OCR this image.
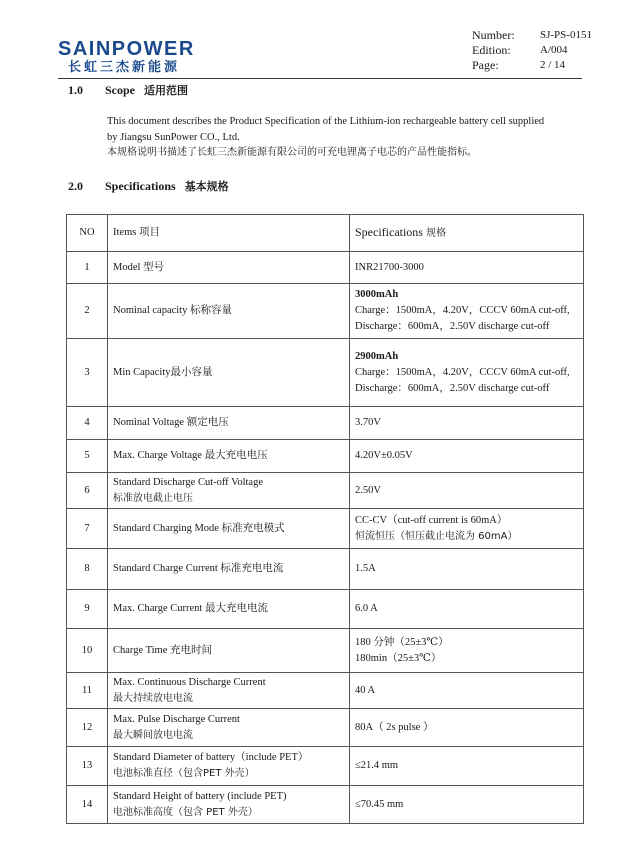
SAINPOWER
长虹三杰新能源
Number:	SJ-PS-0151
Edition:	A/004
Page:	2 / 14
1.0 Scope 适用范围
This document describes the Product Specification of the Lithium-ion rechargeable battery cell supplied
by Jiangsu SunPower CO., Ltd.
本规格说明书描述了长虹三杰新能源有限公司的可充电锂离子电芯的产品性能指标。
2.0 Specifications 基本规格
NO	Items 项目	Specifications 规格
1	Model 型号	INR21700-3000
2	Nominal capacity 标称容量	3000mAh
Charge：1500mA，4.20V，CCCV 60mA cut-off,
Discharge：600mA，2.50V discharge cut-off

3	Min Capacity最小容量	2900mAh
Charge：1500mA，4.20V，CCCV 60mA cut-off,
Discharge：600mA，2.50V discharge cut-off

4	Nominal Voltage 额定电压	3.70V
5	Max. Charge Voltage 最大充电电压	4.20V±0.05V
6	Standard Discharge Cut-off Voltage
标准放电截止电压	2.50V
7	Standard Charging Mode 标准充电模式	CC-CV（cut-off current is 60mA）
恒流恒压（恒压截止电流为 60mA）

8	Standard Charge Current 标准充电电流	1.5A
9	Max. Charge Current 最大充电电流	6.0 A
10	Charge Time 充电时间	180 分钟（25±3℃）
180min（25±3℃）

11	Max. Continuous Discharge Current
最大持续放电电流	40 A
12	Max. Pulse Discharge Current
最大瞬间放电电流	80A（ 2s pulse ）
13	Standard Diameter of battery（include PET）
电池标准直径（包含PET 外壳）	≤21.4 mm
14	Standard Height of battery (include PET)
电池标准高度（包含 PET 外壳）	≤70.45 mm
